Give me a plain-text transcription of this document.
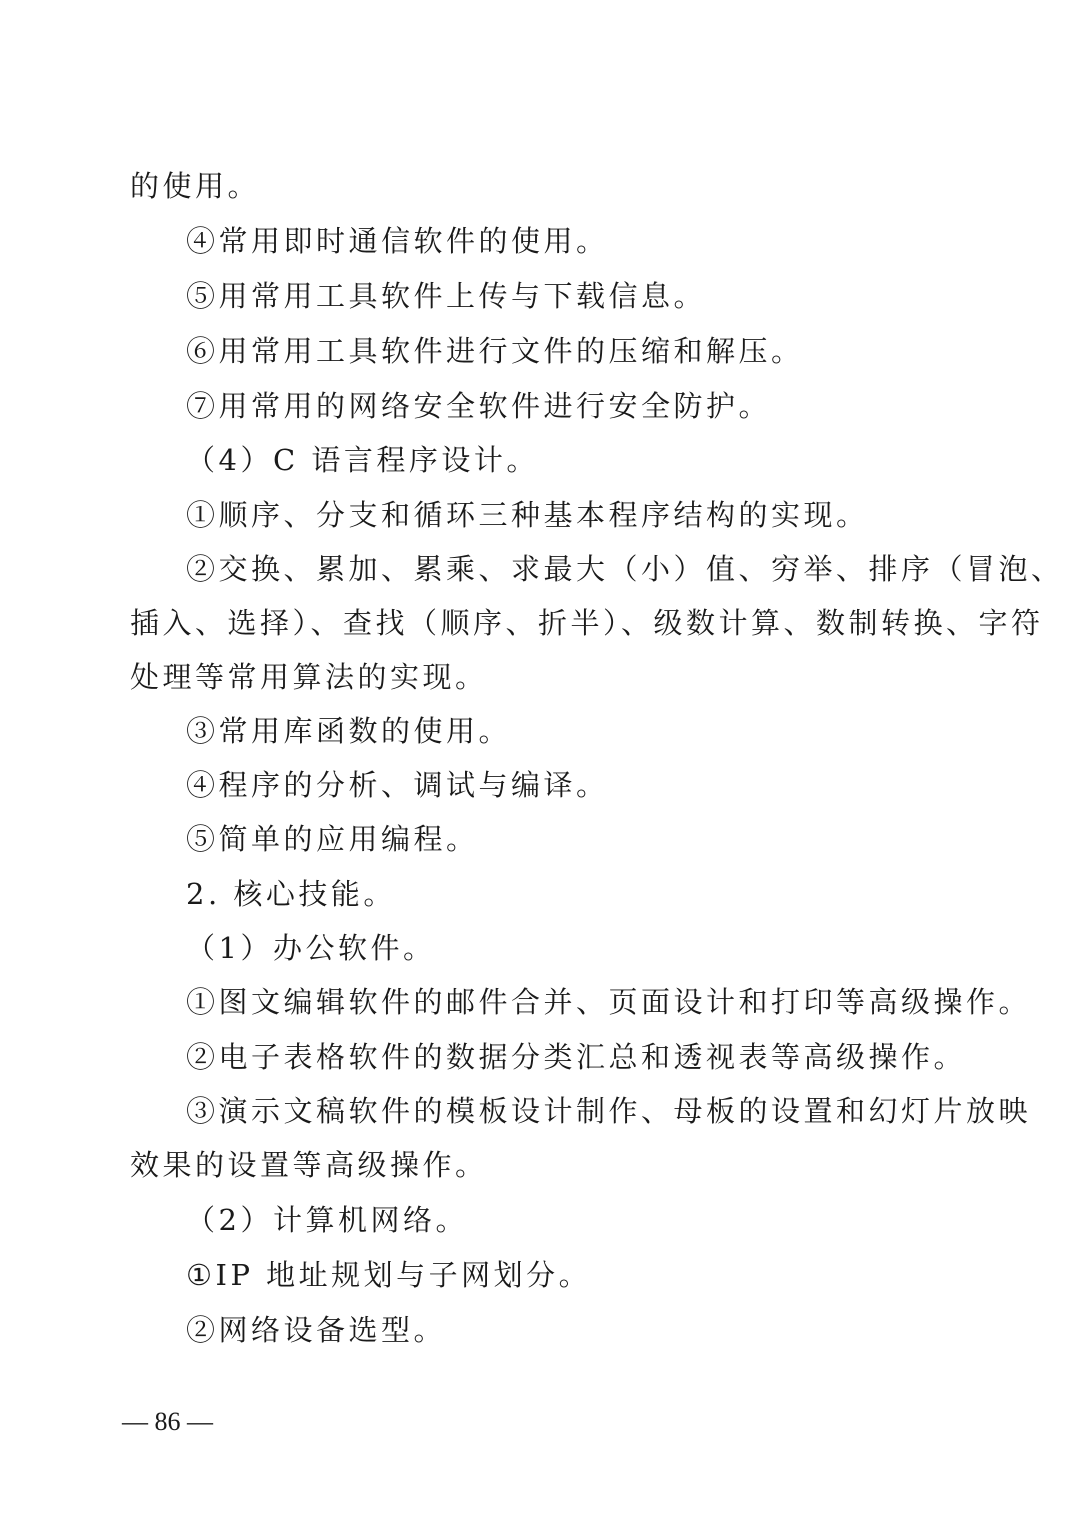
的使用。
④常用即时通信软件的使用。
⑤用常用工具软件上传与下载信息。
⑥用常用工具软件进行文件的压缩和解压。
⑦用常用的网络安全软件进行安全防护。
（4）C 语言程序设计。
①顺序、分支和循环三种基本程序结构的实现。
②交换、累加、累乘、求最大（小）值、穷举、排序（冒泡、
插入、选择）、查找（顺序、折半）、级数计算、数制转换、字符
处理等常用算法的实现。
③常用库函数的使用。
④程序的分析、调试与编译。
⑤简单的应用编程。
2. 核心技能。
（1）办公软件。
①图文编辑软件的邮件合并、页面设计和打印等高级操作。
②电子表格软件的数据分类汇总和透视表等高级操作。
③演示文稿软件的模板设计制作、母板的设置和幻灯片放映
效果的设置等高级操作。
（2）计算机网络。
①IP 地址规划与子网划分。
②网络设备选型。
— 86 —
